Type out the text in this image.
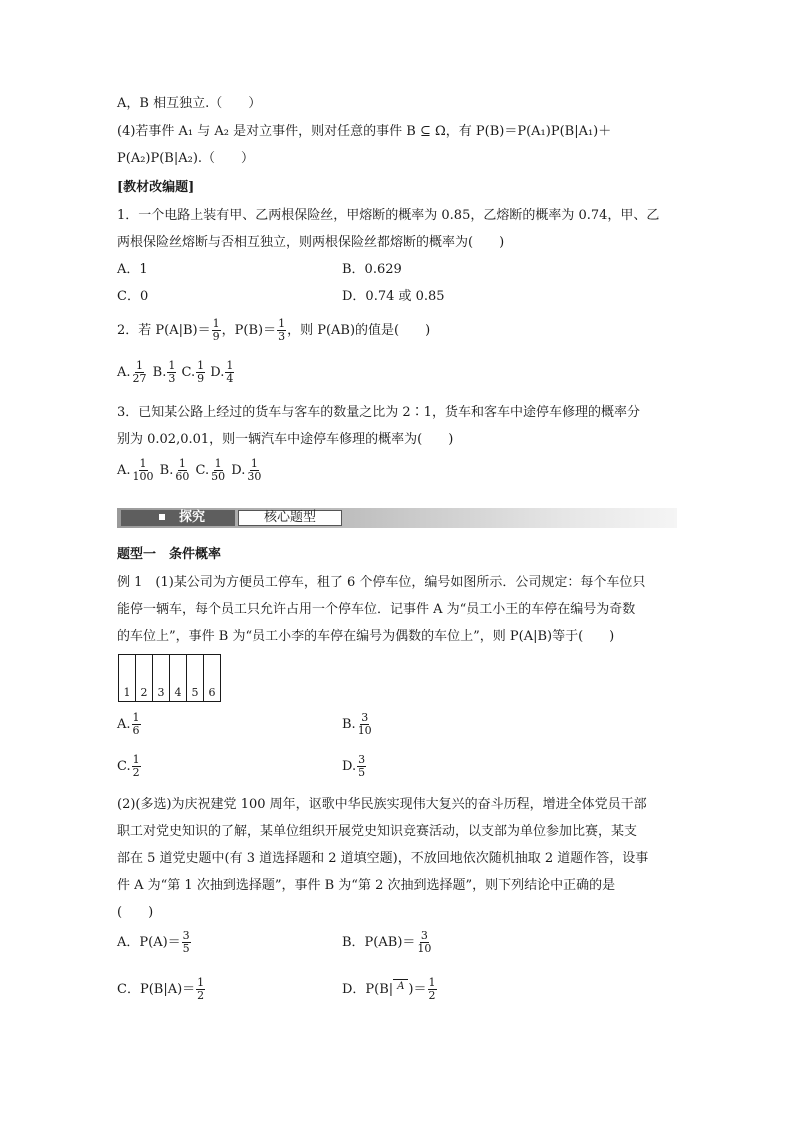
A，B 相互独立.（　　）
(4)若事件 A₁ 与 A₂ 是对立事件，则对任意的事件 B ⊆ Ω，有 P(B)＝P(A₁)P(B|A₁)＋
P(A₂)P(B|A₂).（　　）
[教材改编题]
1．一个电路上装有甲、乙两根保险丝，甲熔断的概率为 0.85，乙熔断的概率为 0.74，甲、乙
两根保险丝熔断与否相互独立，则两根保险丝都熔断的概率为(　　)
A．1	B．0.629
C．0	D．0.74 或 0.85
2．若 $P(A|B)= \frac{1}{9}$ ，$P(B)= \frac{1}{3}$ ，则 P(AB)的值是(　　)
A. $\frac{1}{27} B$. $\frac{1}{3} C$. $\frac{1}{9} D$. $\frac{1}{4}$
3．已知某公路上经过的货车与客车的数量之比为 2∶1，货车和客车中途停车修理的概率分
别为 0.02,0.01，则一辆汽车中途停车修理的概率为(　　)
A. $\frac{1}{100} B$. $\frac{1}{60} C$. $\frac{1}{50} D$. $\frac{1}{30}$
探究	核心题型
题型一　条件概率
例 1　(1)某公司为方便员工停车，租了 6 个停车位，编号如图所示．公司规定：每个车位只
能停一辆车，每个员工只允许占用一个停车位．记事件 A 为“员工小王的车停在编号为奇数
的车位上”，事件 B 为“员工小李的车停在编号为偶数的车位上”，则 P(A|B)等于(　　)
1	2	3	4	5	6
A. $\frac{1}{6}$	B. $\frac{3}{10}$
C. $\frac{1}{2}$	D. $\frac{3}{5}$
(2)(多选)为庆祝建党 100 周年，讴歌中华民族实现伟大复兴的奋斗历程，增进全体党员干部
职工对党史知识的了解，某单位组织开展党史知识竞赛活动，以支部为单位参加比赛，某支
部在 5 道党史题中(有 3 道选择题和 2 道填空题)，不放回地依次随机抽取 2 道题作答，设事
件 A 为“第 1 次抽到选择题”，事件 B 为“第 2 次抽到选择题”，则下列结论中正确的是
(　　)
A．$P(A)= \frac{3}{5}$	B．$P(AB)= \frac{3}{10}$
C．$P(B|A)= \frac{1}{2}$	D．P(B| A )＝ $\frac{1}{2}$
